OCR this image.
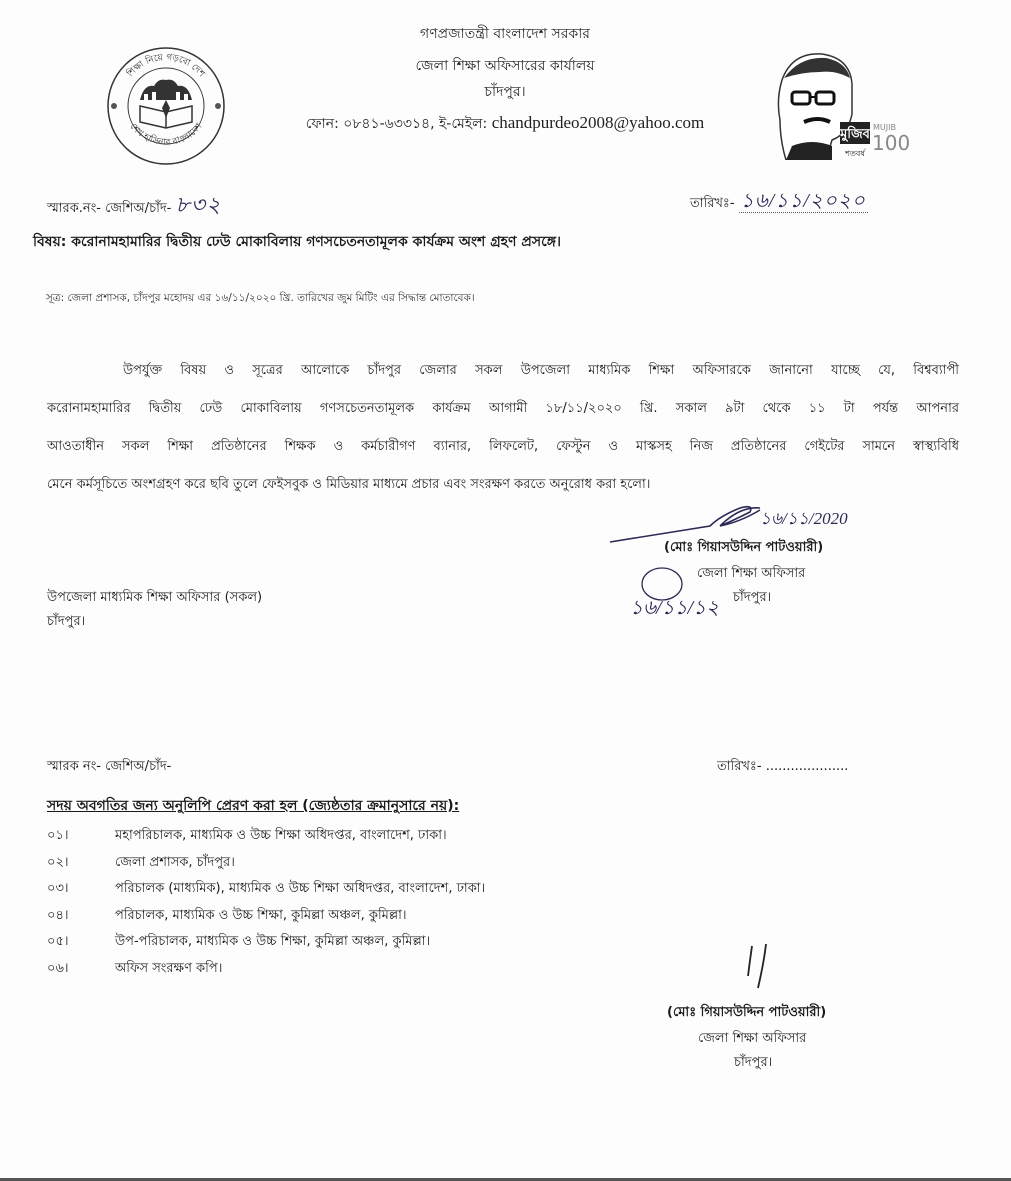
শিক্ষা নিয়ে গড়বো দেশ
শেখ হাসিনার বাংলাদেশ
গণপ্রজাতন্ত্রী বাংলাদেশ সরকার
জেলা শিক্ষা অফিসারের কার্যালয়
চাঁদপুর।
ফোন: ০৮৪১-৬৩৩১৪, ই-মেইল: chandpurdeo2008@yahoo.com
মুজিব
শতবর্ষ
MUJIB
100
স্মারক.নং- জেশিঅ/চাঁদ- ৮৩২	তারিখঃ- ১৬/১১/২০২০
বিষয়: করোনামহামারির দ্বিতীয় ঢেউ মোকাবিলায় গণসচেতনতামূলক কার্যক্রম অংশ গ্রহণ প্রসঙ্গে।
সূত্র: জেলা প্রশাসক, চাঁদপুর মহোদয় এর ১৬/১১/২০২০ খ্রি. তারিখের জুম মিটিং এর সিদ্ধান্ত মোতাবেক।
উপর্যুক্ত বিষয় ও সূত্রের আলোকে চাঁদপুর জেলার সকল উপজেলা মাধ্যমিক শিক্ষা অফিসারকে জানানো যাচ্ছে যে, বিশ্বব্যাপী
করোনামহামারির দ্বিতীয় ঢেউ মোকাবিলায় গণসচেতনতামূলক কার্যক্রম আগামী ১৮/১১/২০২০ খ্রি. সকাল ৯টা থেকে ১১ টা পর্যন্ত আপনার
আওতাধীন সকল শিক্ষা প্রতিষ্ঠানের শিক্ষক ও কর্মচারীগণ ব্যানার, লিফলেট, ফেস্টুন ও মাস্কসহ নিজ প্রতিষ্ঠানের গেইটের সামনে স্বাস্থ্যবিধি
মেনে কর্মসূচিতে অংশগ্রহণ করে ছবি তুলে ফেইসবুক ও মিডিয়ার মাধ্যমে প্রচার এবং সংরক্ষণ করতে অনুরোধ করা হলো।
১৬/১১/2020
(মোঃ গিয়াসউদ্দিন পাটওয়ারী)
জেলা শিক্ষা অফিসার
চাঁদপুর।
১৬/১১/১২
উপজেলা মাধ্যমিক শিক্ষা অফিসার (সকল)
চাঁদপুর।
স্মারক নং- জেশিঅ/চাঁদ-	তারিখঃ- ....................
সদয় অবগতির জন্য অনুলিপি প্রেরণ করা হল (জ্যেষ্ঠতার ক্রমানুসারে নয়):
০১।	মহাপরিচালক, মাধ্যমিক ও উচ্চ শিক্ষা অধিদপ্তর, বাংলাদেশ, ঢাকা।
০২।	জেলা প্রশাসক, চাঁদপুর।
০৩।	পরিচালক (মাধ্যমিক), মাধ্যমিক ও উচ্চ শিক্ষা অধিদপ্তর, বাংলাদেশ, ঢাকা।
০৪।	পরিচালক, মাধ্যমিক ও উচ্চ শিক্ষা, কুমিল্লা অঞ্চল, কুমিল্লা।
০৫।	উপ-পরিচালক, মাধ্যমিক ও উচ্চ শিক্ষা, কুমিল্লা অঞ্চল, কুমিল্লা।
০৬।	অফিস সংরক্ষণ কপি।
(মোঃ গিয়াসউদ্দিন পাটওয়ারী)
জেলা শিক্ষা অফিসার
চাঁদপুর।
